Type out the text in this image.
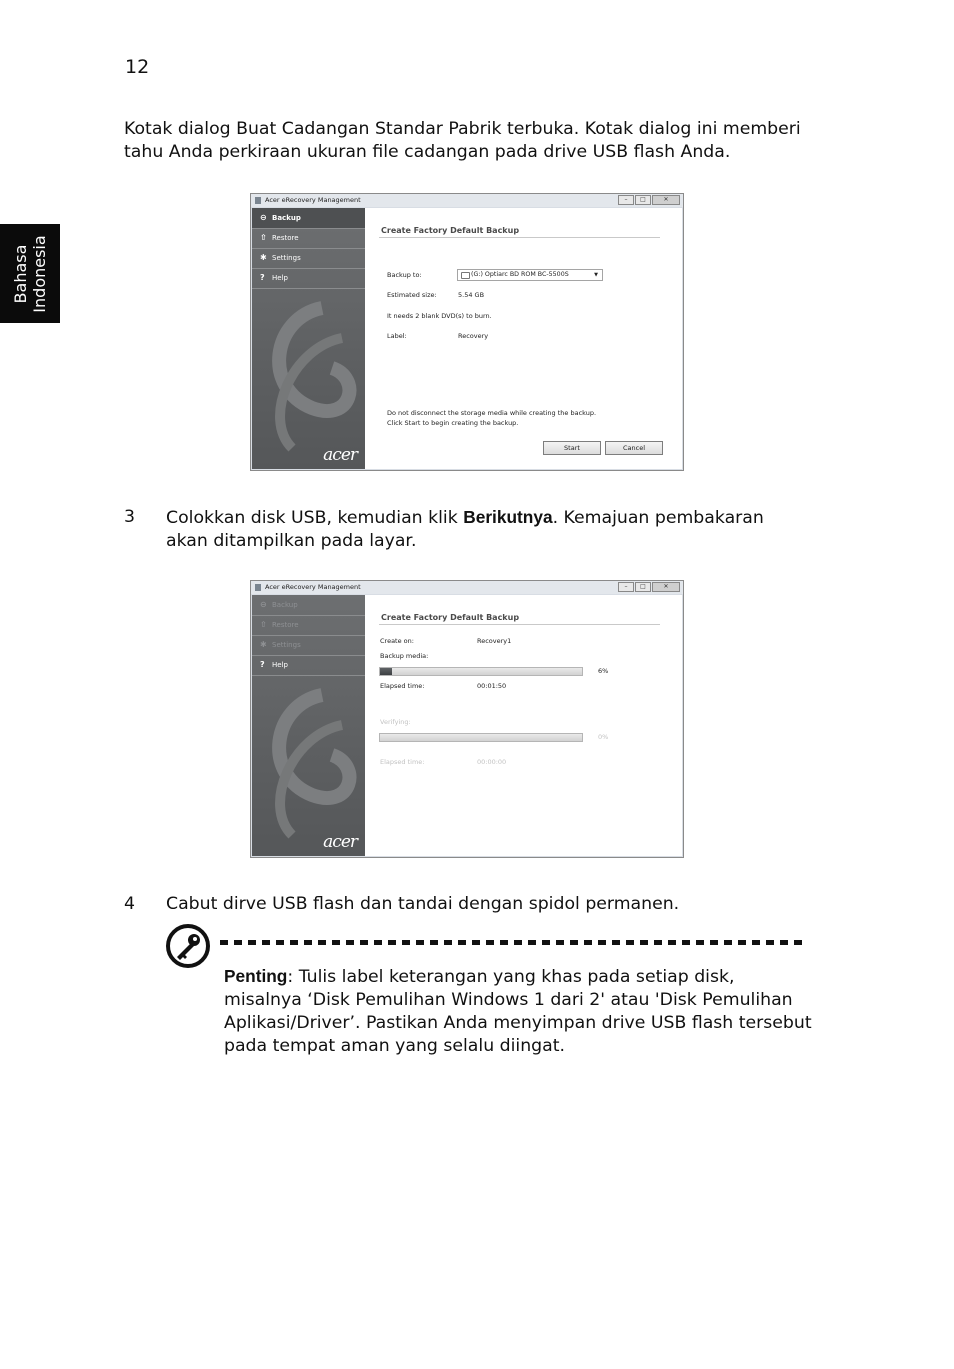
12
Bahasa Indonesia
Kotak dialog Buat Cadangan Standar Pabrik terbuka. Kotak dialog ini memberi tahu Anda perkiraan ukuran file cadangan pada drive USB flash Anda.
Acer eRecovery Management	–	□	✕
⊖ Backup
⇧ Restore
✱ Settings
? Help
acer
Create Factory Default Backup
Backup to:	(G:) Optiarc BD ROM BC-5500S	▼
Estimated size:	5.54 GB
It needs 2 blank DVD(s) to burn.
Label:	Recovery
Do not disconnect the storage media while creating the backup.
Click Start to begin creating the backup.
Start	Cancel
3 Colokkan disk USB, kemudian klik Berikutnya. Kemajuan pembakaran akan ditampilkan pada layar.
Acer eRecovery Management	–	□	✕
⊖ Backup
⇧ Restore
✱ Settings
? Help
acer
Create Factory Default Backup
Create on:	Recovery1
Backup media:
6%
Elapsed time:	00:01:50
Verifying:
0%
Elapsed time:	00:00:00
4 Cabut dirve USB flash dan tandai dengan spidol permanen.
Penting: Tulis label keterangan yang khas pada setiap disk, misalnya ‘Disk Pemulihan Windows 1 dari 2' atau 'Disk Pemulihan Aplikasi/Driver’. Pastikan Anda menyimpan drive USB flash tersebut pada tempat aman yang selalu diingat.
